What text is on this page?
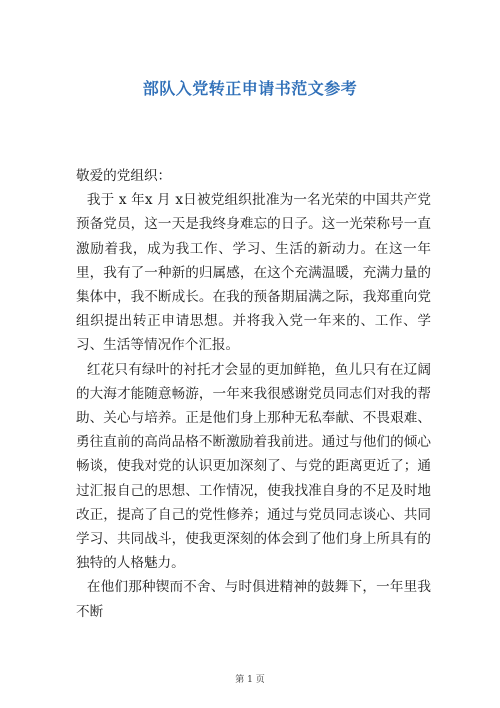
部队入党转正申请书范文参考

敬爱的党组织：

我于 x 年x 月 x日被党组织批准为一名光荣的中国共产党预备党员，这一天是我终身难忘的日子。这一光荣称号一直激励着我，成为我工作、学习、生活的新动力。在这一年里，我有了一种新的归属感，在这个充满温暖，充满力量的集体中，我不断成长。在我的预备期届满之际，我郑重向党组织提出转正申请思想。并将我入党一年来的、工作、学习、生活等情况作个汇报。

红花只有绿叶的衬托才会显的更加鲜艳，鱼儿只有在辽阔的大海才能随意畅游，一年来我很感谢党员同志们对我的帮助、关心与培养。正是他们身上那种无私奉献、不畏艰难、勇往直前的高尚品格不断激励着我前进。通过与他们的倾心畅谈，使我对党的认识更加深刻了、与党的距离更近了；通过汇报自己的思想、工作情况，使我找准自身的不足及时地改正，提高了自己的党性修养；通过与党员同志谈心、共同学习、共同战斗，使我更深刻的体会到了他们身上所具有的独特的人格魅力。

在他们那种锲而不舍、与时俱进精神的鼓舞下，一年里我不断

第 1 页
